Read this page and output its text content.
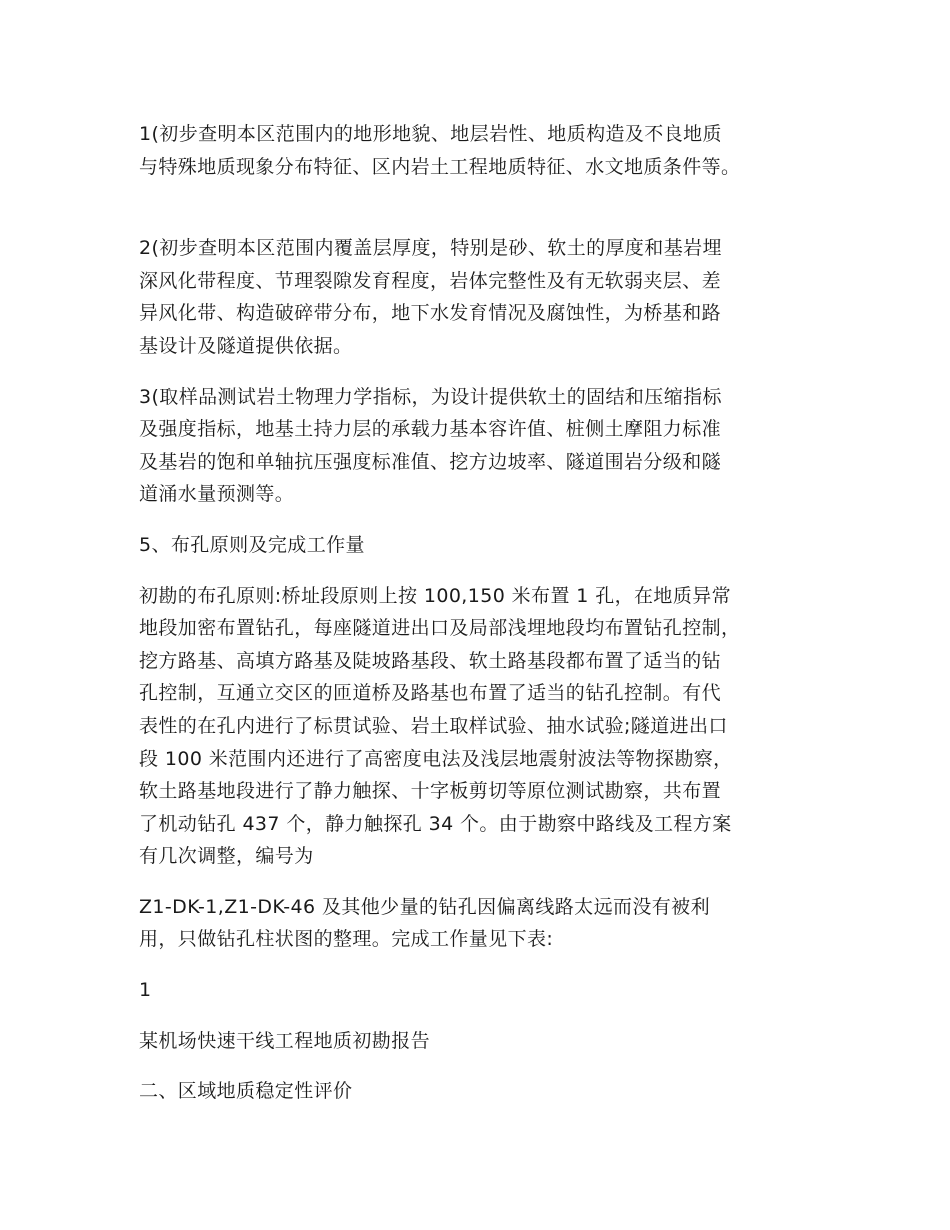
1(初步查明本区范围内的地形地貌、地层岩性、地质构造及不良地质
与特殊地质现象分布特征、区内岩土工程地质特征、水文地质条件等。

2(初步查明本区范围内覆盖层厚度，特别是砂、软土的厚度和基岩埋
深风化带程度、节理裂隙发育程度，岩体完整性及有无软弱夹层、差
异风化带、构造破碎带分布，地下水发育情况及腐蚀性，为桥基和路
基设计及隧道提供依据。

3(取样品测试岩土物理力学指标，为设计提供软土的固结和压缩指标
及强度指标，地基土持力层的承载力基本容许值、桩侧土摩阻力标准
及基岩的饱和单轴抗压强度标准值、挖方边坡率、隧道围岩分级和隧
道涌水量预测等。

5、布孔原则及完成工作量

初勘的布孔原则:桥址段原则上按 100,150 米布置 1 孔，在地质异常
地段加密布置钻孔，每座隧道进出口及局部浅埋地段均布置钻孔控制，
挖方路基、高填方路基及陡坡路基段、软土路基段都布置了适当的钻
孔控制，互通立交区的匝道桥及路基也布置了适当的钻孔控制。有代
表性的在孔内进行了标贯试验、岩土取样试验、抽水试验;隧道进出口
段 100 米范围内还进行了高密度电法及浅层地震射波法等物探勘察，
软土路基地段进行了静力触探、十字板剪切等原位测试勘察，共布置
了机动钻孔 437 个，静力触探孔 34 个。由于勘察中路线及工程方案
有几次调整，编号为

Z1-DK-1,Z1-DK-46 及其他少量的钻孔因偏离线路太远而没有被利
用，只做钻孔柱状图的整理。完成工作量见下表:

1

某机场快速干线工程地质初勘报告

二、区域地质稳定性评价
